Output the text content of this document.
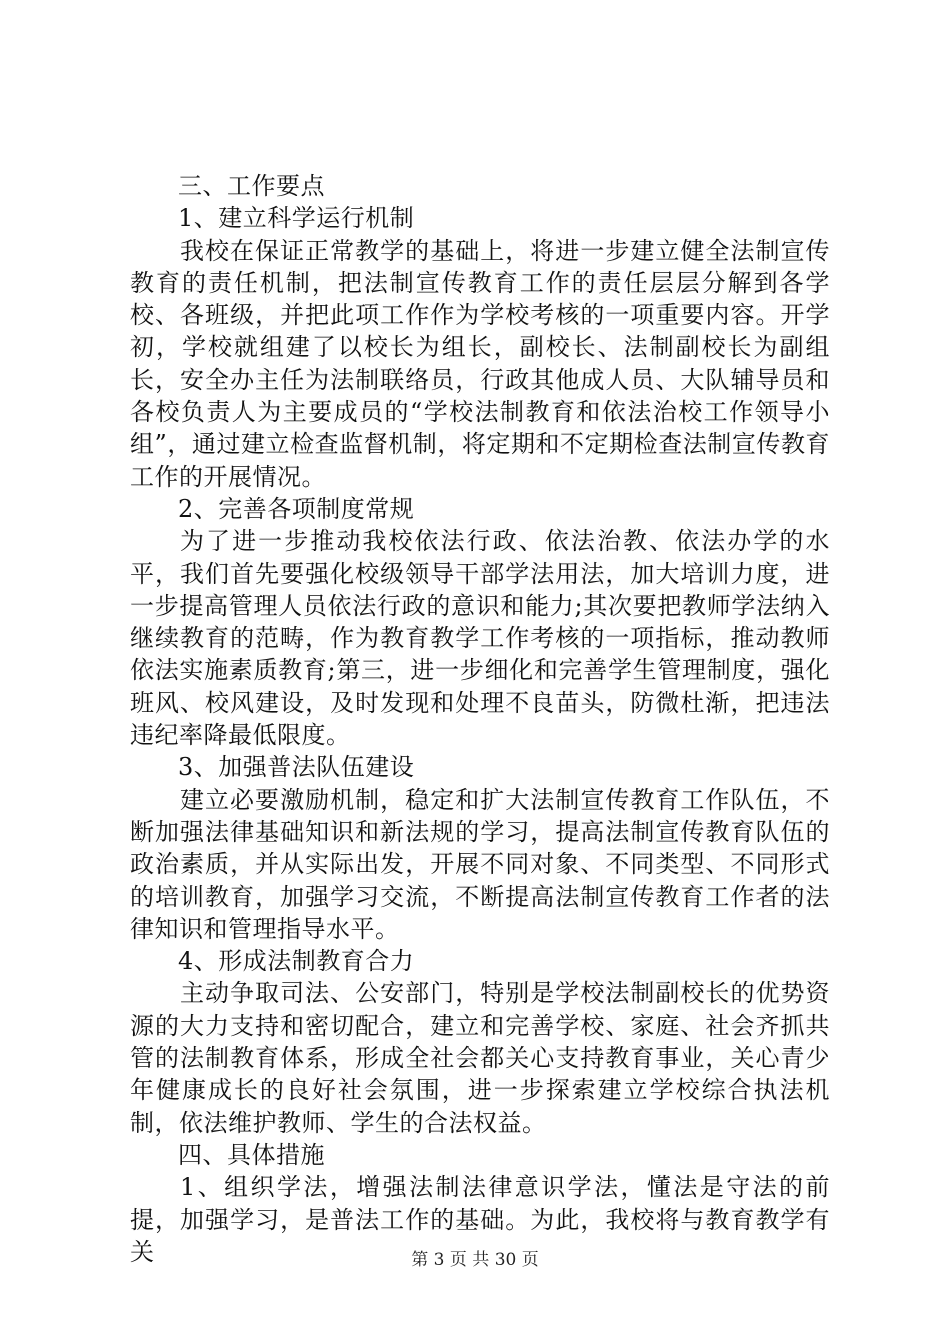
三、工作要点
1、建立科学运行机制

我校在保证正常教学的基础上，将进一步建立健全法制宣传教育的责任机制，把法制宣传教育工作的责任层层分解到各学校、各班级，并把此项工作作为学校考核的一项重要内容。开学初，学校就组建了以校长为组长，副校长、法制副校长为副组长，安全办主任为法制联络员，行政其他成人员、大队辅导员和各校负责人为主要成员的“学校法制教育和依法治校工作领导小组”，通过建立检查监督机制，将定期和不定期检查法制宣传教育工作的开展情况。

2、完善各项制度常规

为了进一步推动我校依法行政、依法治教、依法办学的水平，我们首先要强化校级领导干部学法用法，加大培训力度，进一步提高管理人员依法行政的意识和能力;其次要把教师学法纳入继续教育的范畴，作为教育教学工作考核的一项指标，推动教师依法实施素质教育;第三，进一步细化和完善学生管理制度，强化班风、校风建设，及时发现和处理不良苗头，防微杜渐，把违法违纪率降最低限度。

3、加强普法队伍建设

建立必要激励机制，稳定和扩大法制宣传教育工作队伍，不断加强法律基础知识和新法规的学习，提高法制宣传教育队伍的政治素质，并从实际出发，开展不同对象、不同类型、不同形式的培训教育，加强学习交流，不断提高法制宣传教育工作者的法律知识和管理指导水平。

4、形成法制教育合力

主动争取司法、公安部门，特别是学校法制副校长的优势资源的大力支持和密切配合，建立和完善学校、家庭、社会齐抓共管的法制教育体系，形成全社会都关心支持教育事业，关心青少年健康成长的良好社会氛围，进一步探索建立学校综合执法机制，依法维护教师、学生的合法权益。

四、具体措施

1、组织学法，增强法制法律意识学法，懂法是守法的前提，加强学习，是普法工作的基础。为此，我校将与教育教学有关	第 3 页 共 30 页
